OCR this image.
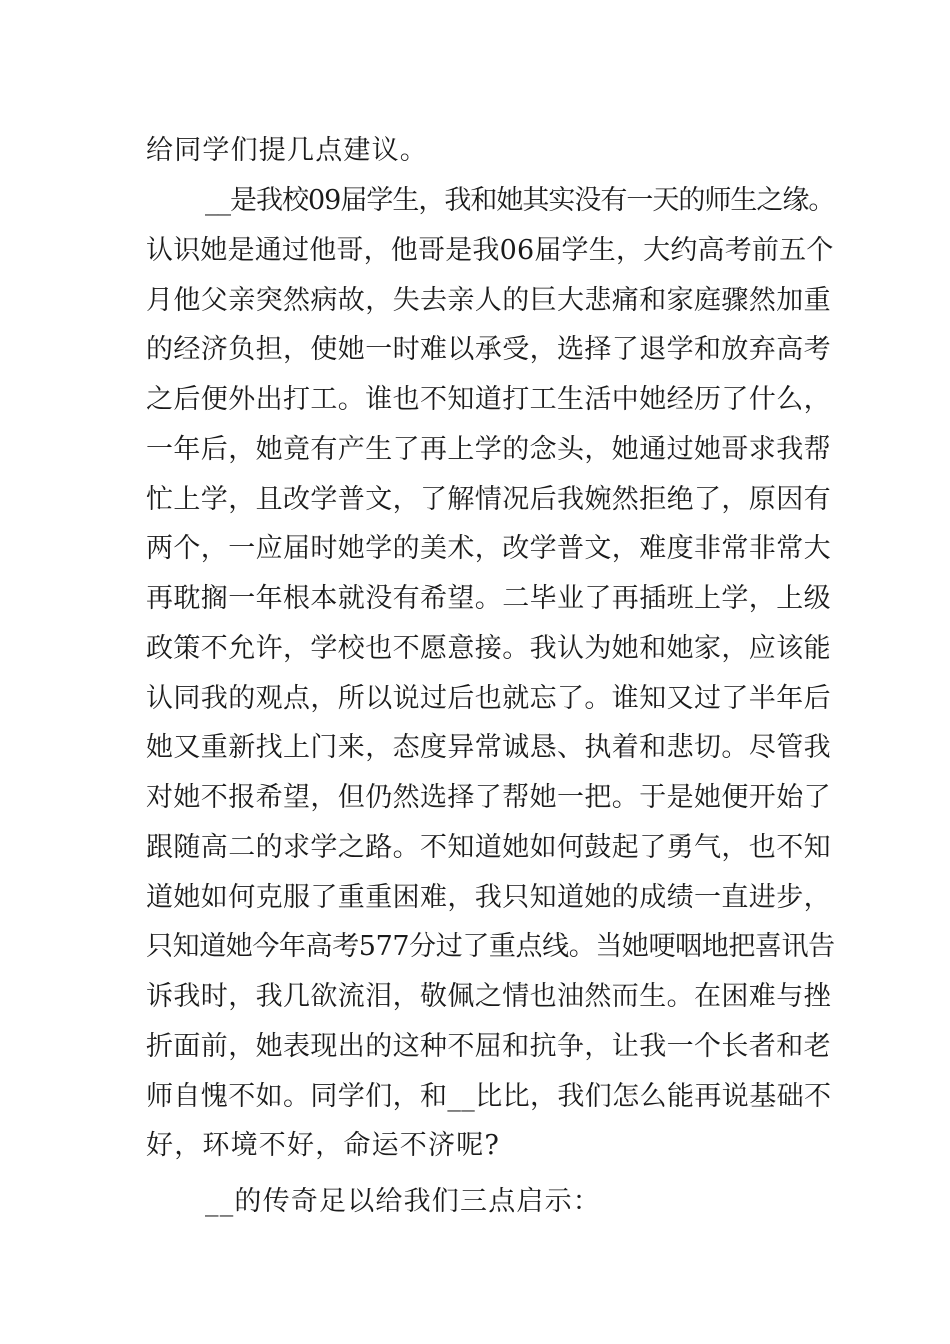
给同学们提几点建议。
__是我校09届学生，我和她其实没有一天的师生之缘。
认识她是通过他哥，他哥是我06届学生，大约高考前五个
月他父亲突然病故，失去亲人的巨大悲痛和家庭骤然加重
的经济负担，使她一时难以承受，选择了退学和放弃高考
之后便外出打工。谁也不知道打工生活中她经历了什么，
一年后，她竟有产生了再上学的念头，她通过她哥求我帮
忙上学，且改学普文，了解情况后我婉然拒绝了，原因有
两个，一应届时她学的美术，改学普文，难度非常非常大
再耽搁一年根本就没有希望。二毕业了再插班上学，上级
政策不允许，学校也不愿意接。我认为她和她家，应该能
认同我的观点，所以说过后也就忘了。谁知又过了半年后
她又重新找上门来，态度异常诚恳、执着和悲切。尽管我
对她不报希望，但仍然选择了帮她一把。于是她便开始了
跟随高二的求学之路。不知道她如何鼓起了勇气，也不知
道她如何克服了重重困难，我只知道她的成绩一直进步，
只知道她今年高考577分过了重点线。当她哽咽地把喜讯告
诉我时，我几欲流泪，敬佩之情也油然而生。在困难与挫
折面前，她表现出的这种不屈和抗争，让我一个长者和老
师自愧不如。同学们，和__比比，我们怎么能再说基础不
好，环境不好，命运不济呢?
__的传奇足以给我们三点启示：
